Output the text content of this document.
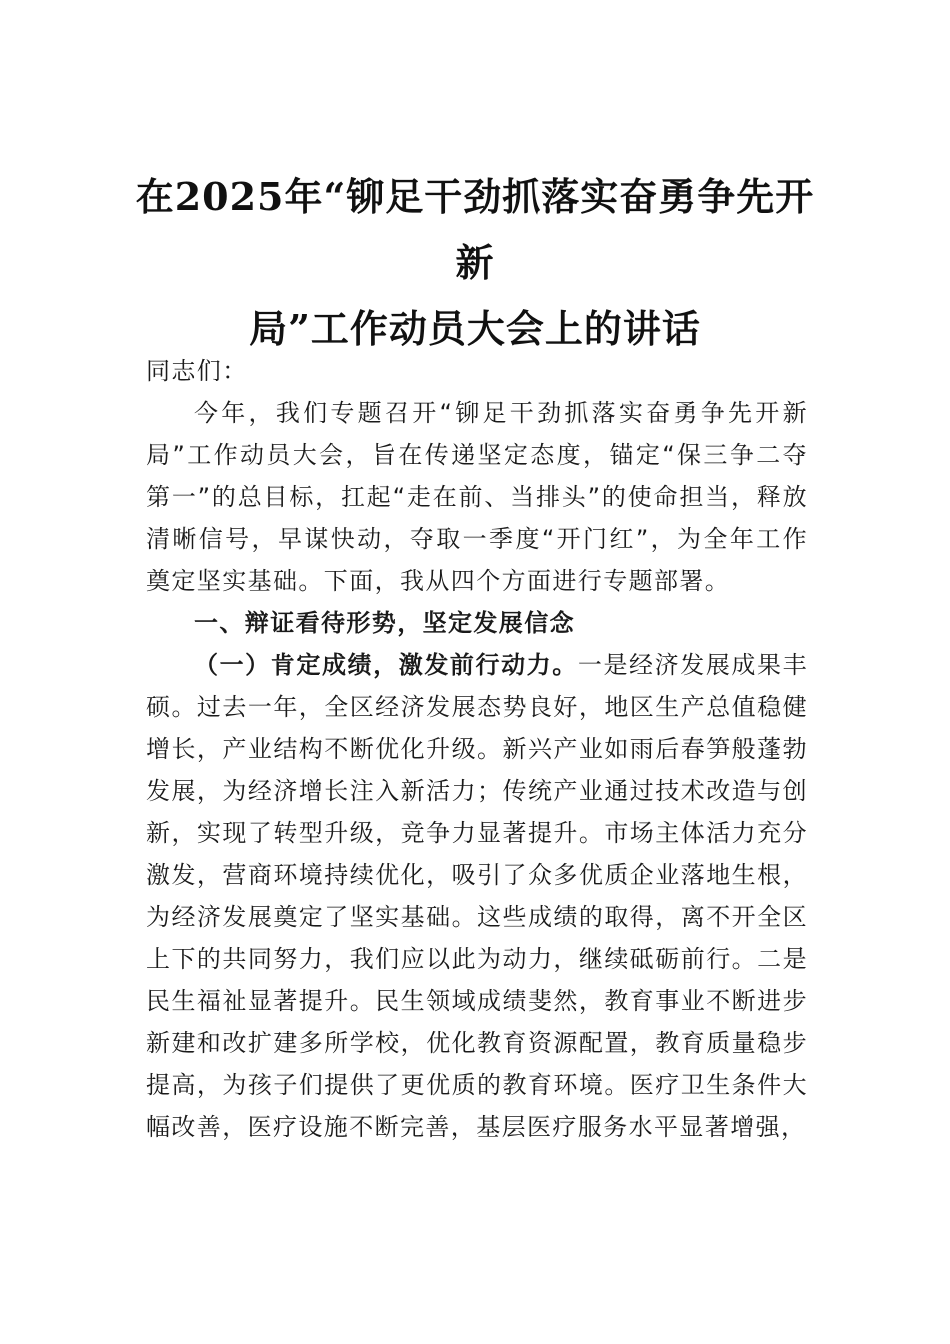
在2025年“铆足干劲抓落实奋勇争先开新
局”工作动员大会上的讲话

同志们：

今年，我们专题召开“铆足干劲抓落实奋勇争先开新局”工作动员大会，旨在传递坚定态度，锚定“保三争二夺第一”的总目标，扛起“走在前、当排头”的使命担当，释放清晰信号，早谋快动，夺取一季度“开门红”，为全年工作奠定坚实基础。下面，我从四个方面进行专题部署。

一、辩证看待形势，坚定发展信念

（一）肯定成绩，激发前行动力。一是经济发展成果丰硕。过去一年，全区经济发展态势良好，地区生产总值稳健增长，产业结构不断优化升级。新兴产业如雨后春笋般蓬勃发展，为经济增长注入新活力；传统产业通过技术改造与创新，实现了转型升级，竞争力显著提升。市场主体活力充分激发，营商环境持续优化，吸引了众多优质企业落地生根，为经济发展奠定了坚实基础。这些成绩的取得，离不开全区上下的共同努力，我们应以此为动力，继续砥砺前行。二是民生福祉显著提升。民生领域成绩斐然，教育事业不断进步新建和改扩建多所学校，优化教育资源配置，教育质量稳步提高，为孩子们提供了更优质的教育环境。医疗卫生条件大幅改善，医疗设施不断完善，基层医疗服务水平显著增强，
